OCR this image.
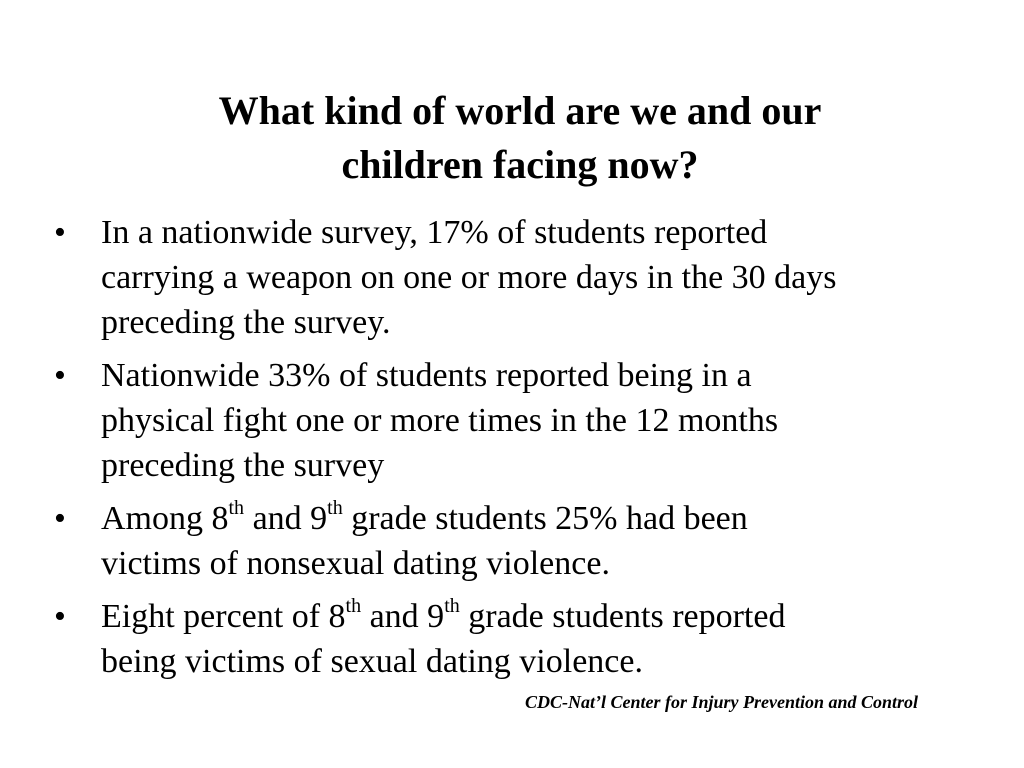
What kind of world are we and our
children facing now?
• In a nationwide survey, 17% of students reported
carrying a weapon on one or more days in the 30 days
preceding the survey.
• Nationwide 33% of students reported being in a
physical fight one or more times in the 12 months
preceding the survey
• Among 8th and 9th grade students 25% had been
victims of nonsexual dating violence.
• Eight percent of 8th and 9th grade students reported
being victims of sexual dating violence.
CDC-Nat’l Center for Injury Prevention and Control
